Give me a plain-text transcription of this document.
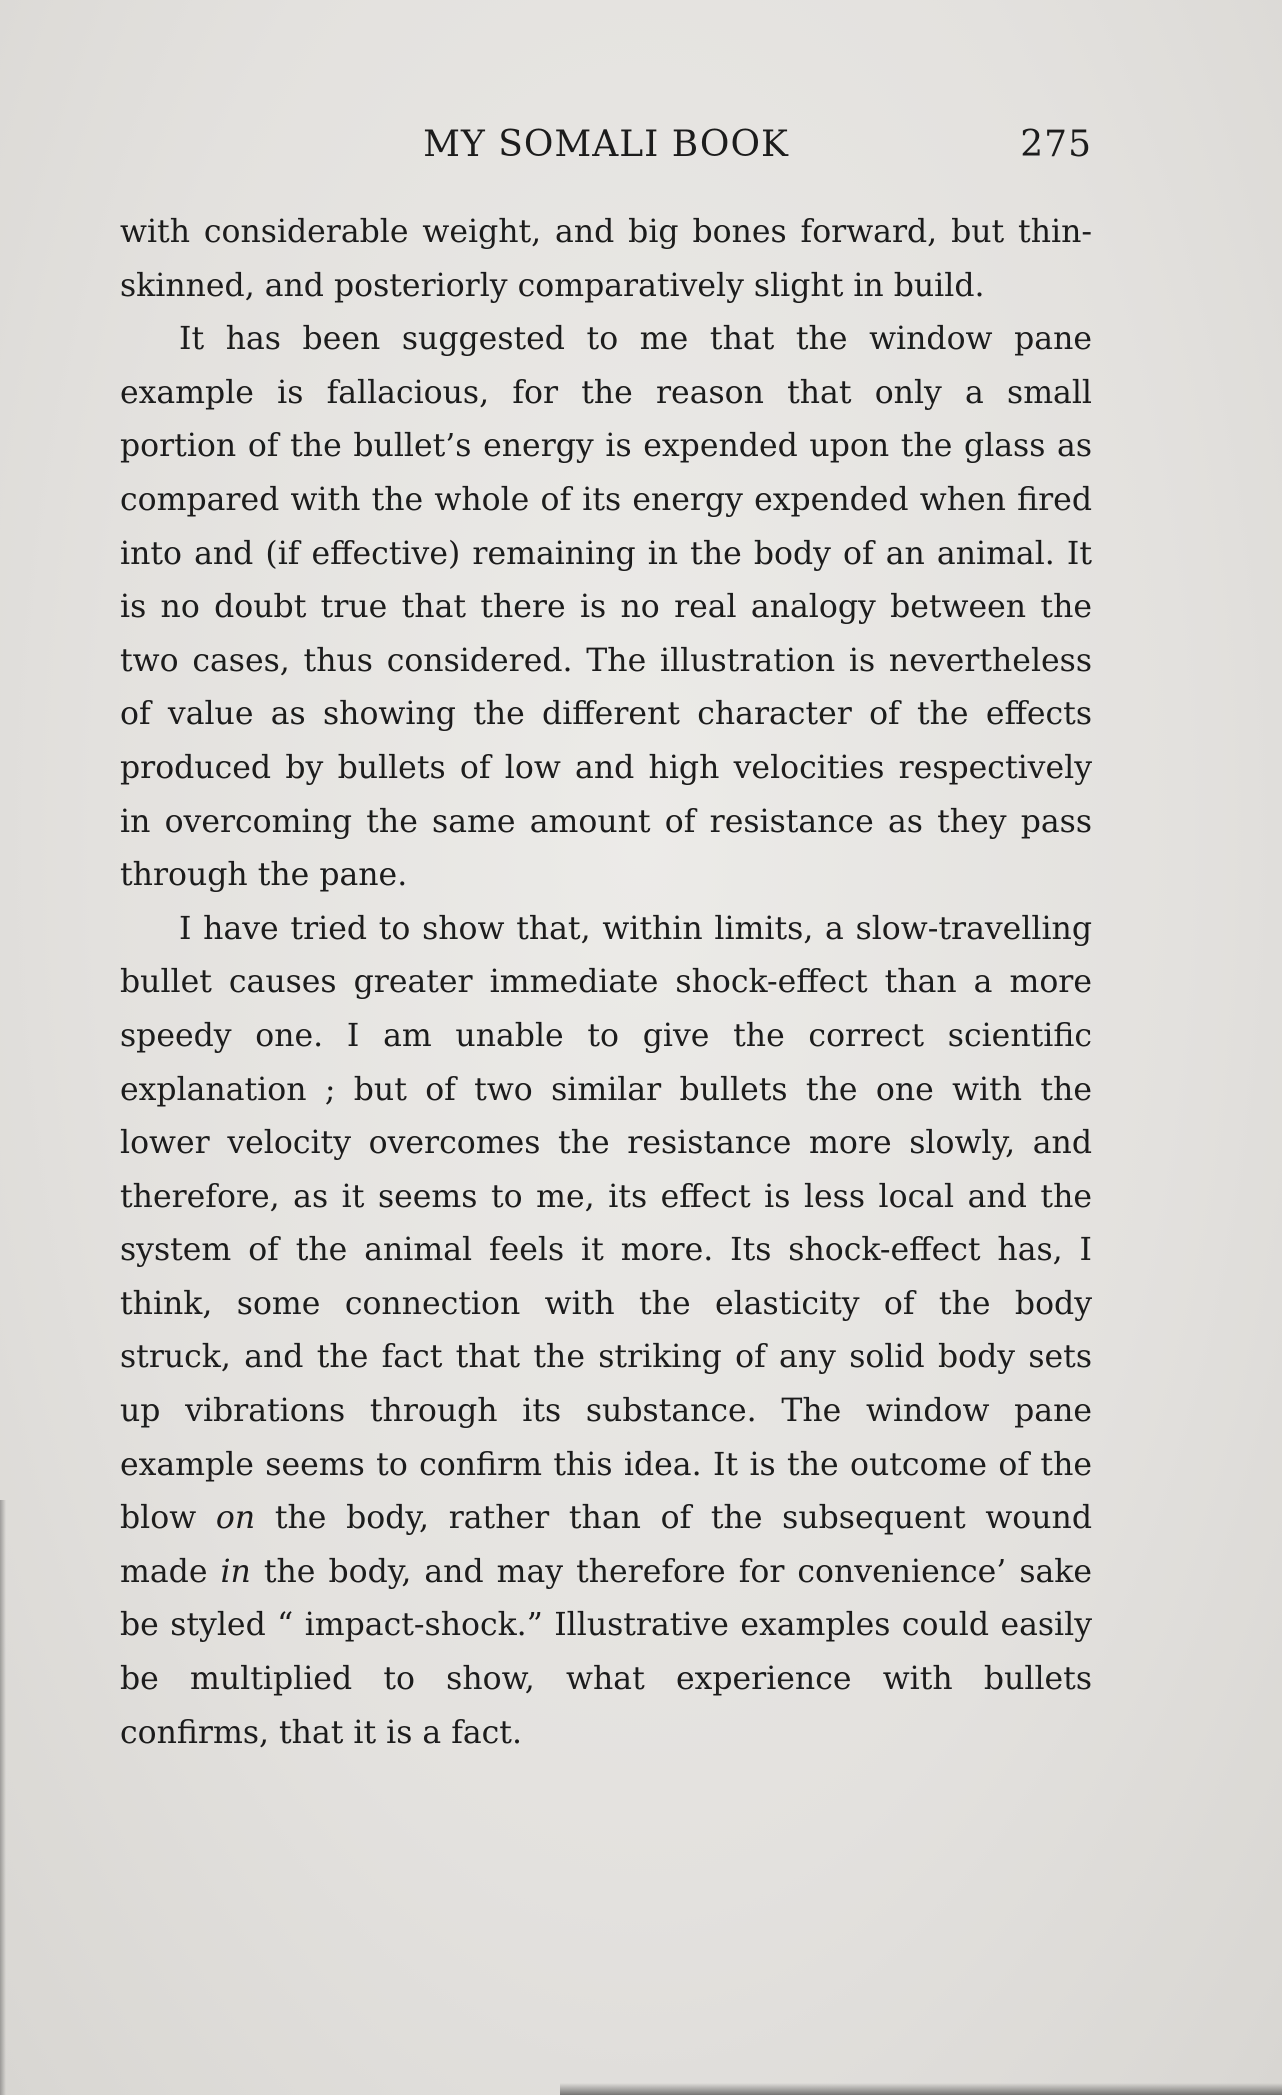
MY SOMALI BOOK	275

with considerable weight, and big bones forward, but thin-skinned, and posteriorly comparatively slight in build.

It has been suggested to me that the window pane example is fallacious, for the reason that only a small portion of the bullet’s energy is expended upon the glass as compared with the whole of its energy expended when fired into and (if effective) remaining in the body of an animal. It is no doubt true that there is no real analogy between the two cases, thus considered. The illustration is nevertheless of value as showing the different character of the effects produced by bullets of low and high velocities respectively in overcoming the same amount of resistance as they pass through the pane.

I have tried to show that, within limits, a slow-travelling bullet causes greater immediate shock-effect than a more speedy one. I am unable to give the correct scientific explanation ; but of two similar bullets the one with the lower velocity overcomes the resistance more slowly, and therefore, as it seems to me, its effect is less local and the system of the animal feels it more. Its shock-effect has, I think, some connection with the elasticity of the body struck, and the fact that the striking of any solid body sets up vibrations through its substance. The window pane example seems to confirm this idea. It is the outcome of the blow on the body, rather than of the subsequent wound made in the body, and may therefore for convenience’ sake be styled “ impact-shock.” Illustrative examples could easily be multiplied to show, what experience with bullets confirms, that it is a fact.
